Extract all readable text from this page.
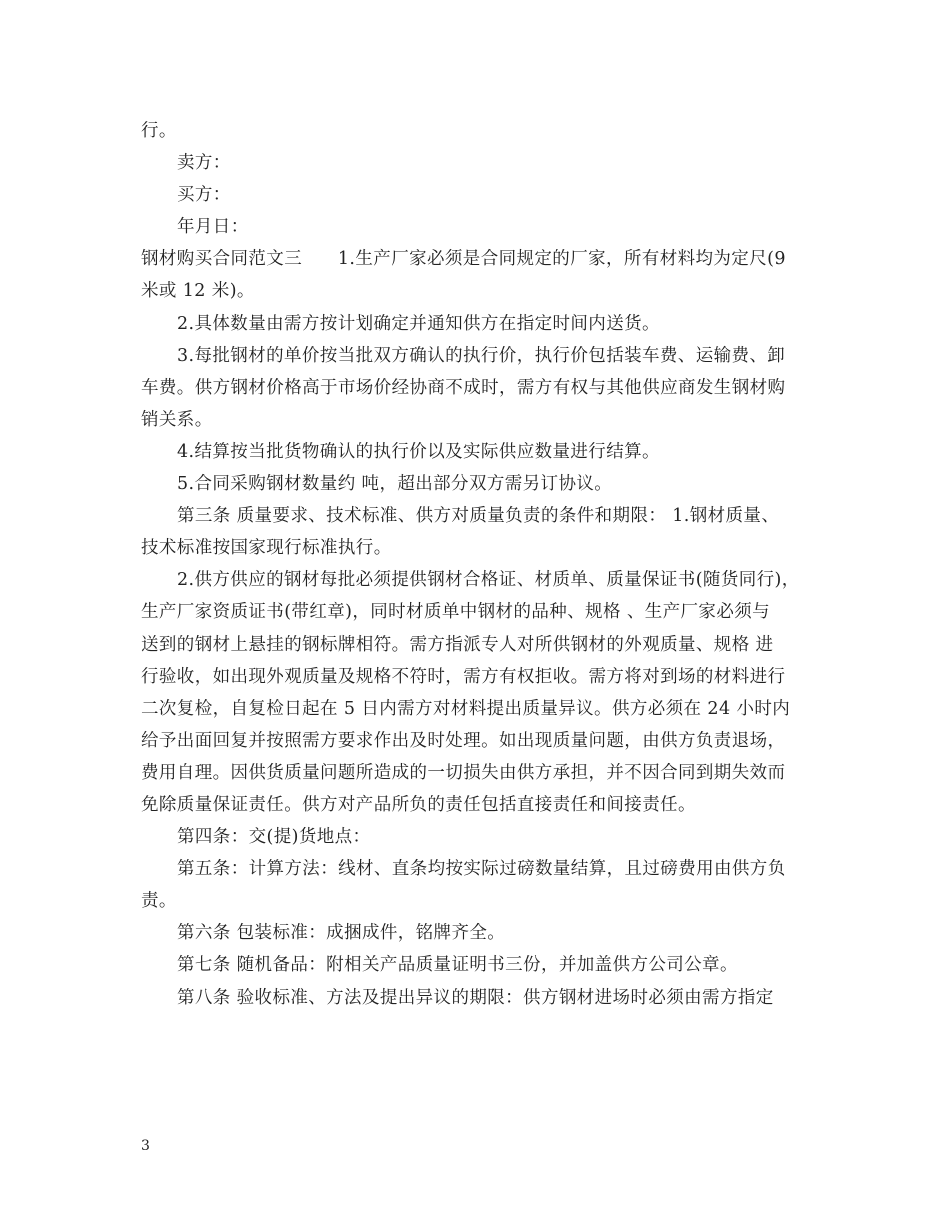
行。
卖方：
买方：
年月日：
钢材购买合同范文三　　1.生产厂家必须是合同规定的厂家，所有材料均为定尺(9
米或 12 米)。
2.具体数量由需方按计划确定并通知供方在指定时间内送货。
3.每批钢材的单价按当批双方确认的执行价，执行价包括装车费、运输费、卸
车费。供方钢材价格高于市场价经协商不成时，需方有权与其他供应商发生钢材购
销关系。
4.结算按当批货物确认的执行价以及实际供应数量进行结算。
5.合同采购钢材数量约 吨，超出部分双方需另订协议。
第三条 质量要求、技术标准、供方对质量负责的条件和期限： 1.钢材质量、
技术标准按国家现行标准执行。
2.供方供应的钢材每批必须提供钢材合格证、材质单、质量保证书(随货同行)，
生产厂家资质证书(带红章)，同时材质单中钢材的品种、规格 、生产厂家必须与
送到的钢材上悬挂的钢标牌相符。需方指派专人对所供钢材的外观质量、规格 进
行验收，如出现外观质量及规格不符时，需方有权拒收。需方将对到场的材料进行
二次复检，自复检日起在 5 日内需方对材料提出质量异议。供方必须在 24 小时内
给予出面回复并按照需方要求作出及时处理。如出现质量问题，由供方负责退场，
费用自理。因供货质量问题所造成的一切损失由供方承担，并不因合同到期失效而
免除质量保证责任。供方对产品所负的责任包括直接责任和间接责任。
第四条：交(提)货地点：
第五条：计算方法：线材、直条均按实际过磅数量结算，且过磅费用由供方负
责。
第六条 包装标准：成捆成件，铭牌齐全。
第七条 随机备品：附相关产品质量证明书三份，并加盖供方公司公章。
第八条 验收标准、方法及提出异议的期限：供方钢材进场时必须由需方指定
3
